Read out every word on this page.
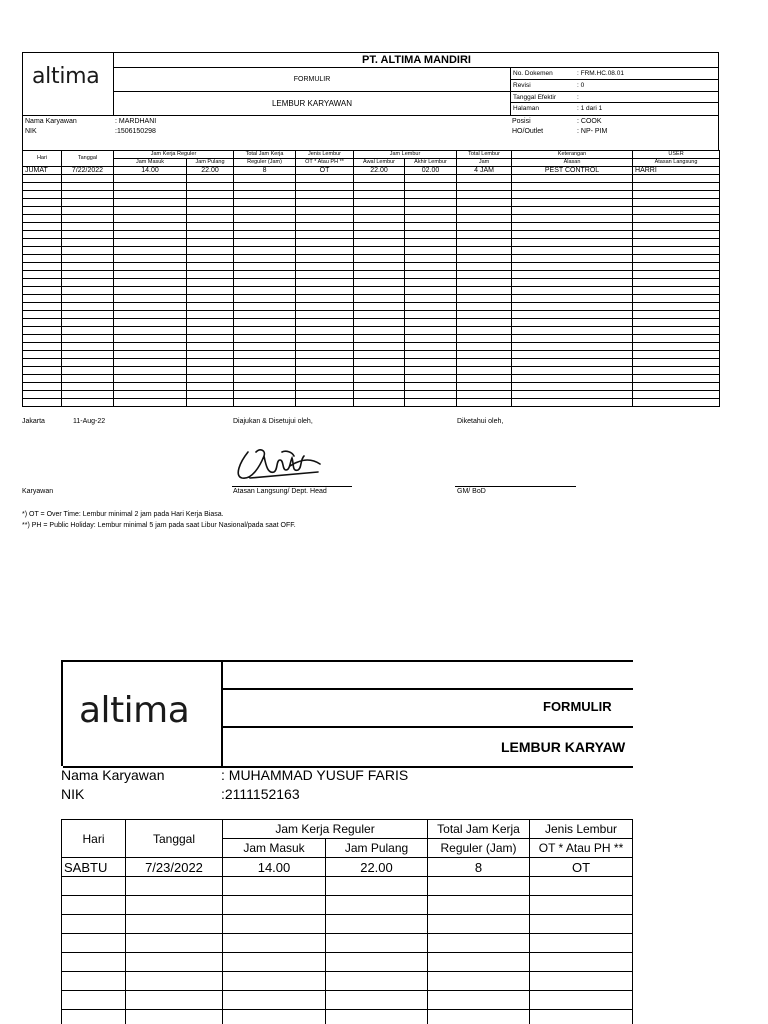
altima
PT. ALTIMA MANDIRI
FORMULIR
LEMBUR KARYAWAN
No. Dokemen	: FRM.HC.08.01
Revisi	: 0
Tanggal Efektir	:
Halaman	: 1 dari 1
Nama Karyawan	: MARDHANI
NIK	:1506150298
Posisi	: COOK
HO/Outlet	: NP- PIM
Hari	Tanggal	Jam Kerja Reguler		Total Jam Kerja	Jenis Lembur	Jam Lembur		Total Lembur	Keterangan	USER
		Jam Masuk	Jam Pulang	Reguler (Jam)	OT * Atau PH **	Awal Lembur	Akhir Lembur	Jam	Alasan	Atasan Langsung
JUMAT	7/22/2022	14.00	22.00	8	OT	22.00	02.00	4 JAM	PEST CONTROL	HARRI

Jakarta	11-Aug-22	Diajukan & Disetujui oleh,	Diketahui oleh,
Karyawan	Atasan Langsung/ Dept. Head	GM/ BoD
*) OT = Over Time: Lembur minimal 2 jam pada Hari Kerja Biasa.
**) PH = Public Holiday: Lembur minimal 5 jam pada saat Libur Nasional/pada saat OFF.
altima	FORMULIR
LEMBUR KARYAW
Nama Karyawan	: MUHAMMAD YUSUF FARIS
NIK	:2111152163
Hari	Tanggal	Jam Kerja Reguler		Total Jam Kerja	Jenis Lembur
		Jam Masuk	Jam Pulang	Reguler (Jam)	OT * Atau PH **
SABTU	7/23/2022	14.00	22.00	8	OT
